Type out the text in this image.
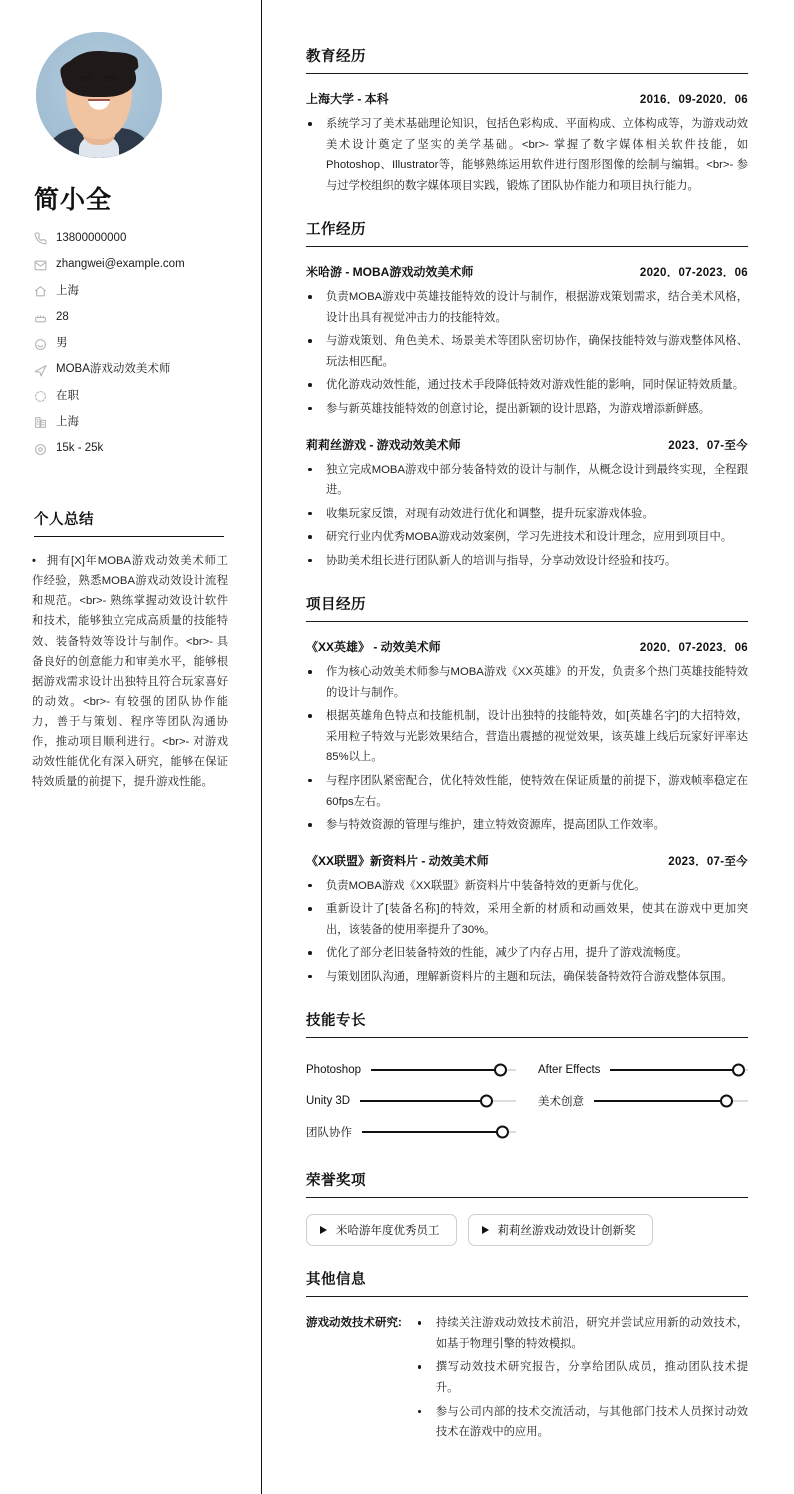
简小全
13800000000
zhangwei@example.com
上海
28
男
MOBA游戏动效美术师
在职
上海
15k - 25k
个人总结
• 拥有[X]年MOBA游戏动效美术师工作经验，熟悉MOBA游戏动效设计流程和规范。<br>- 熟练掌握动效设计软件和技术，能够独立完成高质量的技能特效、装备特效等设计与制作。<br>- 具备良好的创意能力和审美水平，能够根据游戏需求设计出独特且符合玩家喜好的动效。<br>- 有较强的团队协作能力，善于与策划、程序等团队沟通协作，推动项目顺利进行。<br>- 对游戏动效性能优化有深入研究，能够在保证特效质量的前提下，提升游戏性能。
教育经历
上海大学 - 本科	2016．09-2020．06
系统学习了美术基础理论知识，包括色彩构成、平面构成、立体构成等，为游戏动效美术设计奠定了坚实的美学基础。<br>- 掌握了数字媒体相关软件技能，如Photoshop、Illustrator等，能够熟练运用软件进行图形图像的绘制与编辑。<br>- 参与过学校组织的数字媒体项目实践，锻炼了团队协作能力和项目执行能力。
工作经历
米哈游 - MOBA游戏动效美术师	2020．07-2023．06
负责MOBA游戏中英雄技能特效的设计与制作，根据游戏策划需求，结合美术风格，设计出具有视觉冲击力的技能特效。
与游戏策划、角色美术、场景美术等团队密切协作，确保技能特效与游戏整体风格、玩法相匹配。
优化游戏动效性能，通过技术手段降低特效对游戏性能的影响，同时保证特效质量。
参与新英雄技能特效的创意讨论，提出新颖的设计思路，为游戏增添新鲜感。
莉莉丝游戏 - 游戏动效美术师	2023．07-至今
独立完成MOBA游戏中部分装备特效的设计与制作，从概念设计到最终实现，全程跟进。
收集玩家反馈，对现有动效进行优化和调整，提升玩家游戏体验。
研究行业内优秀MOBA游戏动效案例，学习先进技术和设计理念，应用到项目中。
协助美术组长进行团队新人的培训与指导，分享动效设计经验和技巧。
项目经历
《XX英雄》 - 动效美术师	2020．07-2023．06
作为核心动效美术师参与MOBA游戏《XX英雄》的开发，负责多个热门英雄技能特效的设计与制作。
根据英雄角色特点和技能机制，设计出独特的技能特效，如[英雄名字]的大招特效，采用粒子特效与光影效果结合，营造出震撼的视觉效果，该英雄上线后玩家好评率达85%以上。
与程序团队紧密配合，优化特效性能，使特效在保证质量的前提下，游戏帧率稳定在60fps左右。
参与特效资源的管理与维护，建立特效资源库，提高团队工作效率。
《XX联盟》新资料片 - 动效美术师	2023．07-至今
负责MOBA游戏《XX联盟》新资料片中装备特效的更新与优化。
重新设计了[装备名称]的特效，采用全新的材质和动画效果，使其在游戏中更加突出，该装备的使用率提升了30%。
优化了部分老旧装备特效的性能，减少了内存占用，提升了游戏流畅度。
与策划团队沟通，理解新资料片的主题和玩法，确保装备特效符合游戏整体氛围。
技能专长
Photoshop	After Effects
Unity 3D	美术创意
团队协作
荣誉奖项
米哈游年度优秀员工	莉莉丝游戏动效设计创新奖
其他信息
游戏动效技术研究:	持续关注游戏动效技术前沿，研究并尝试应用新的动效技术，如基于物理引擎的特效模拟。
撰写动效技术研究报告，分享给团队成员，推动团队技术提升。
参与公司内部的技术交流活动，与其他部门技术人员探讨动效技术在游戏中的应用。
